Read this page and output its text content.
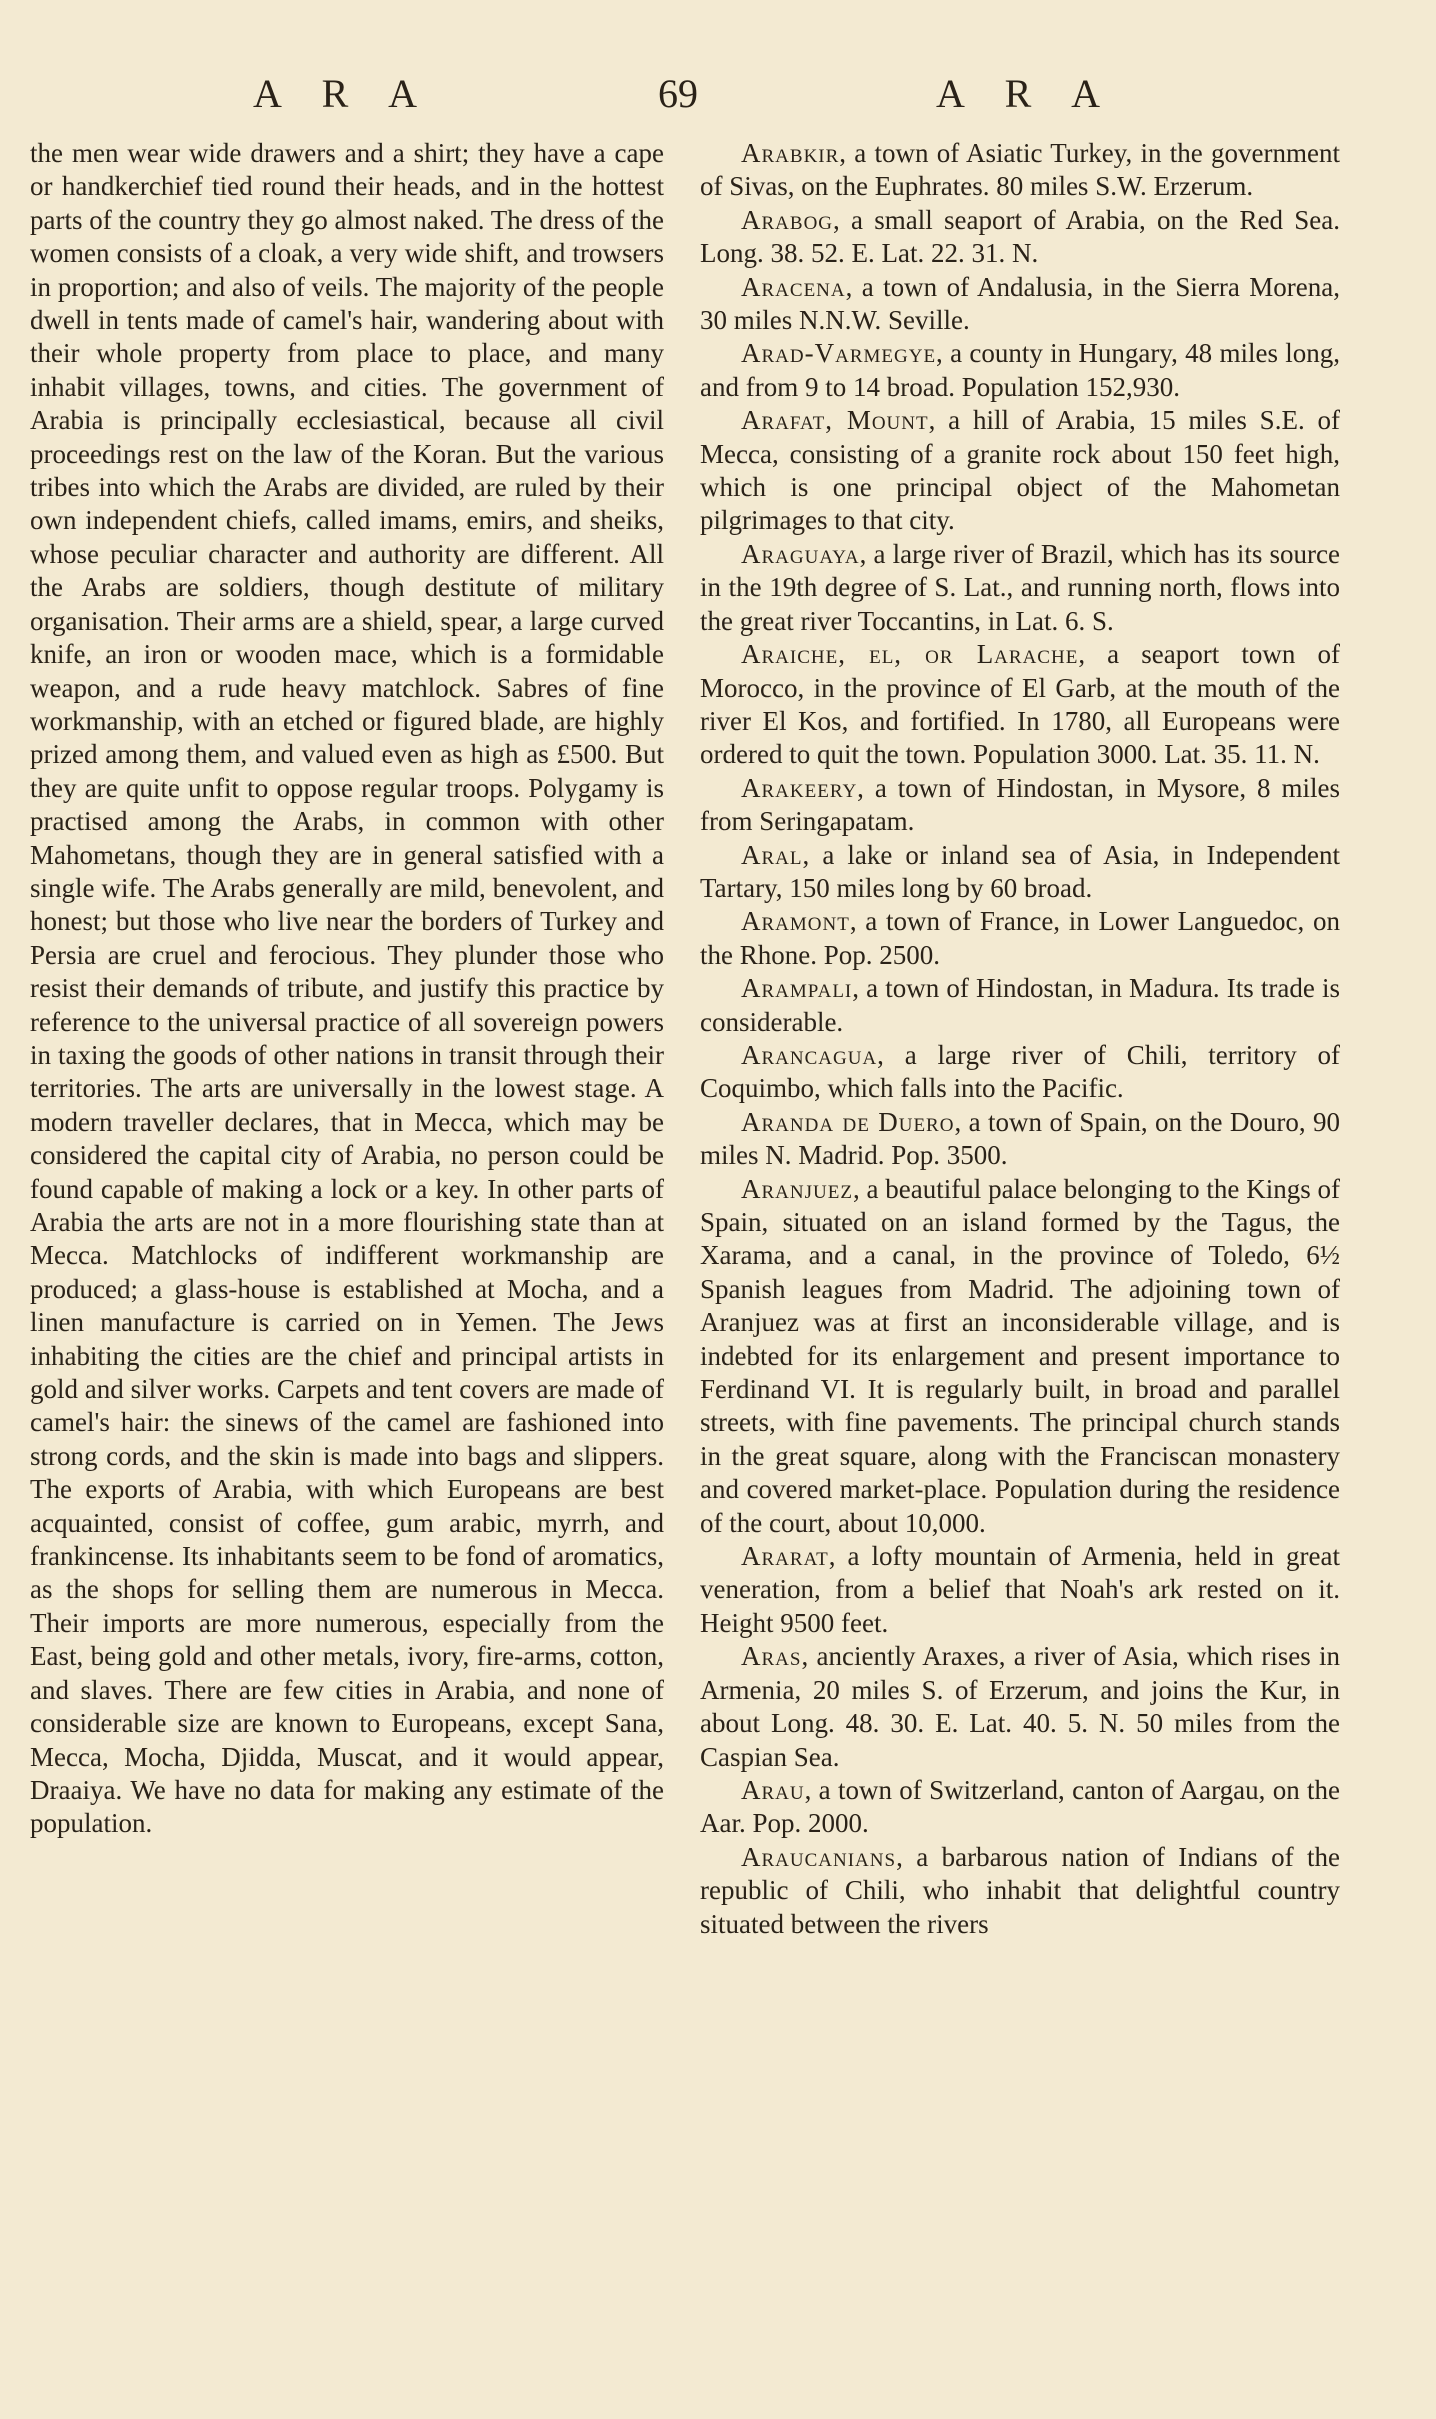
A R A	69	A R A

the men wear wide drawers and a shirt; they have a cape or handkerchief tied round their heads, and in the hottest parts of the country they go almost naked. The dress of the women consists of a cloak, a very wide shift, and trowsers in proportion; and also of veils. The majority of the people dwell in tents made of camel's hair, wandering about with their whole property from place to place, and many inhabit villages, towns, and cities. The government of Arabia is principally ecclesiastical, because all civil proceedings rest on the law of the Koran. But the various tribes into which the Arabs are divided, are ruled by their own independent chiefs, called imams, emirs, and sheiks, whose peculiar character and authority are different. All the Arabs are soldiers, though destitute of military organisation. Their arms are a shield, spear, a large curved knife, an iron or wooden mace, which is a formidable weapon, and a rude heavy matchlock. Sabres of fine workmanship, with an etched or figured blade, are highly prized among them, and valued even as high as £500. But they are quite unfit to oppose regular troops. Polygamy is practised among the Arabs, in common with other Mahometans, though they are in general satisfied with a single wife. The Arabs generally are mild, benevolent, and honest; but those who live near the borders of Turkey and Persia are cruel and ferocious. They plunder those who resist their demands of tribute, and justify this practice by reference to the universal practice of all sovereign powers in taxing the goods of other nations in transit through their territories. The arts are universally in the lowest stage. A modern traveller declares, that in Mecca, which may be considered the capital city of Arabia, no person could be found capable of making a lock or a key. In other parts of Arabia the arts are not in a more flourishing state than at Mecca. Matchlocks of indifferent workmanship are produced; a glass-house is established at Mocha, and a linen manufacture is carried on in Yemen. The Jews inhabiting the cities are the chief and principal artists in gold and silver works. Carpets and tent covers are made of camel's hair: the sinews of the camel are fashioned into strong cords, and the skin is made into bags and slippers. The exports of Arabia, with which Europeans are best acquainted, consist of coffee, gum arabic, myrrh, and frankincense. Its inhabitants seem to be fond of aromatics, as the shops for selling them are numerous in Mecca. Their imports are more numerous, especially from the East, being gold and other metals, ivory, fire-arms, cotton, and slaves. There are few cities in Arabia, and none of considerable size are known to Europeans, except Sana, Mecca, Mocha, Djidda, Muscat, and it would appear, Draaiya. We have no data for making any estimate of the population.

Arabkir, a town of Asiatic Turkey, in the government of Sivas, on the Euphrates. 80 miles S.W. Erzerum.

Arabog, a small seaport of Arabia, on the Red Sea. Long. 38. 52. E. Lat. 22. 31. N.

Aracena, a town of Andalusia, in the Sierra Morena, 30 miles N.N.W. Seville.

Arad-Varmegye, a county in Hungary, 48 miles long, and from 9 to 14 broad. Population 152,930.

Arafat, Mount, a hill of Arabia, 15 miles S.E. of Mecca, consisting of a granite rock about 150 feet high, which is one principal object of the Mahometan pilgrimages to that city.

Araguaya, a large river of Brazil, which has its source in the 19th degree of S. Lat., and running north, flows into the great river Toccantins, in Lat. 6. S.

Araiche, el, or Larache, a seaport town of Morocco, in the province of El Garb, at the mouth of the river El Kos, and fortified. In 1780, all Europeans were ordered to quit the town. Population 3000. Lat. 35. 11. N.

Arakeery, a town of Hindostan, in Mysore, 8 miles from Seringapatam.

Aral, a lake or inland sea of Asia, in Independent Tartary, 150 miles long by 60 broad.

Aramont, a town of France, in Lower Languedoc, on the Rhone. Pop. 2500.

Arampali, a town of Hindostan, in Madura. Its trade is considerable.

Arancagua, a large river of Chili, territory of Coquimbo, which falls into the Pacific.

Aranda de Duero, a town of Spain, on the Douro, 90 miles N. Madrid. Pop. 3500.

Aranjuez, a beautiful palace belonging to the Kings of Spain, situated on an island formed by the Tagus, the Xarama, and a canal, in the province of Toledo, 6½ Spanish leagues from Madrid. The adjoining town of Aranjuez was at first an inconsiderable village, and is indebted for its enlargement and present importance to Ferdinand VI. It is regularly built, in broad and parallel streets, with fine pavements. The principal church stands in the great square, along with the Franciscan monastery and covered market-place. Population during the residence of the court, about 10,000.

Ararat, a lofty mountain of Armenia, held in great veneration, from a belief that Noah's ark rested on it. Height 9500 feet.

Aras, anciently Araxes, a river of Asia, which rises in Armenia, 20 miles S. of Erzerum, and joins the Kur, in about Long. 48. 30. E. Lat. 40. 5. N. 50 miles from the Caspian Sea.

Arau, a town of Switzerland, canton of Aargau, on the Aar. Pop. 2000.

Araucanians, a barbarous nation of Indians of the republic of Chili, who inhabit that delightful country situated between the rivers
